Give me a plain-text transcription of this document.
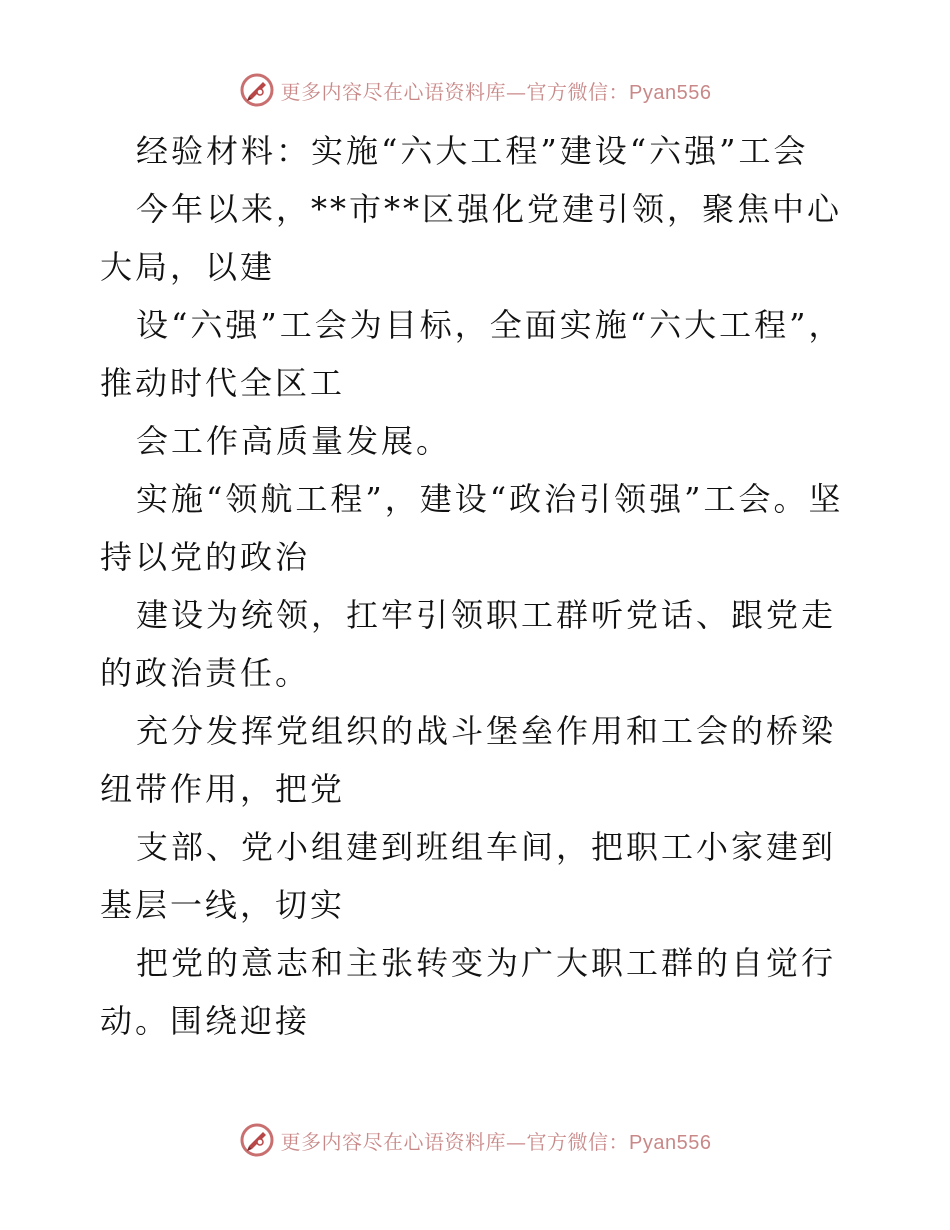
更多内容尽在心语资料库—官方微信：Pyan556

经验材料：实施“六大工程”建设“六强”工会

今年以来，**市**区强化党建引领，聚焦中心大局，以建

设“六强”工会为目标，全面实施“六大工程”，推动时代全区工

会工作高质量发展。

实施“领航工程”，建设“政治引领强”工会。坚持以党的政治

建设为统领，扛牢引领职工群听党话、跟党走的政治责任。

充分发挥党组织的战斗堡垒作用和工会的桥梁纽带作用，把党

支部、党小组建到班组车间，把职工小家建到基层一线，切实

把党的意志和主张转变为广大职工群的自觉行动。围绕迎接

更多内容尽在心语资料库—官方微信：Pyan556
